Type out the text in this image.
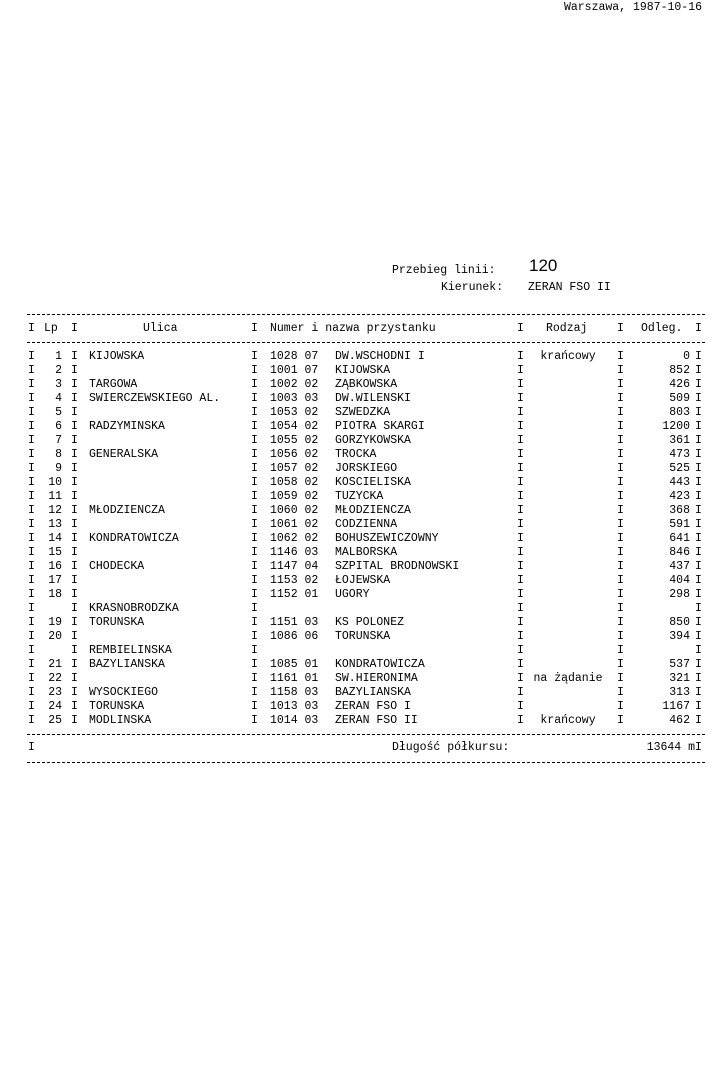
Warszawa, 1987-10-16
Przebieg linii: 120
Kierunek: ZERAN FSO II
I Lp I	Ulica	I Numer i nazwa przystanku	I Rodzaj	I Odleg. I
I	1 I KIJOWSKA	I 1028 07 DW.WSCHODNI I	I	krańcowy	I	0 I
I	2 I	I 1001 07 KIJOWSKA	I	I	852 I
I	3 I TARGOWA	I 1002 02 ZĄBKOWSKA	I	I	426 I
I	4 I SWIERCZEWSKIEGO AL.	I 1003 03 DW.WILENSKI	I	I	509 I
I	5 I	I 1053 02 SZWEDZKA	I	I	803 I
I	6 I RADZYMINSKA	I 1054 02 PIOTRA SKARGI	I	I	1200 I
I	7 I	I 1055 02 GORZYKOWSKA	I	I	361 I
I	8 I GENERALSKA	I 1056 02 TROCKA	I	I	473 I
I	9 I	I 1057 02 JORSKIEGO	I	I	525 I
I	10 I	I 1058 02 KOSCIELISKA	I	I	443 I
I	11 I	I 1059 02 TUZYCKA	I	I	423 I
I	12 I MŁODZIENCZA	I 1060 02 MŁODZIENCZA	I	I	368 I
I	13 I	I 1061 02 CODZIENNA	I	I	591 I
I	14 I KONDRATOWICZA	I 1062 02 BOHUSZEWICZOWNY	I	I	641 I
I	15 I	I 1146 03 MALBORSKA	I	I	846 I
I	16 I CHODECKA	I 1147 04 SZPITAL BRODNOWSKI	I	I	437 I
I	17 I	I 1153 02 ŁOJEWSKA	I	I	404 I
I	18 I	I 1152 01 UGORY	I	I	298 I
I	I KRASNOBRODZKA	I	I	I	I
I	19 I TORUNSKA	I 1151 03 KS POLONEZ	I	I	850 I
I	20 I	I 1086 06 TORUNSKA	I	I	394 I
I	I REMBIELINSKA	I	I	I	I
I	21 I BAZYLIANSKA	I 1085 01 KONDRATOWICZA	I	I	537 I
I	22 I	I 1161 01 SW.HIERONIMA	I na żądanie	I	321 I
I	23 I WYSOCKIEGO	I 1158 03 BAZYLIANSKA	I	I	313 I
I	24 I TORUNSKA	I 1013 03 ZERAN FSO I	I	I	1167 I
I	25 I MODLINSKA	I 1014 03 ZERAN FSO II	I	krańcowy	I	462 I
I	Długość półkursu:	13644 m I
